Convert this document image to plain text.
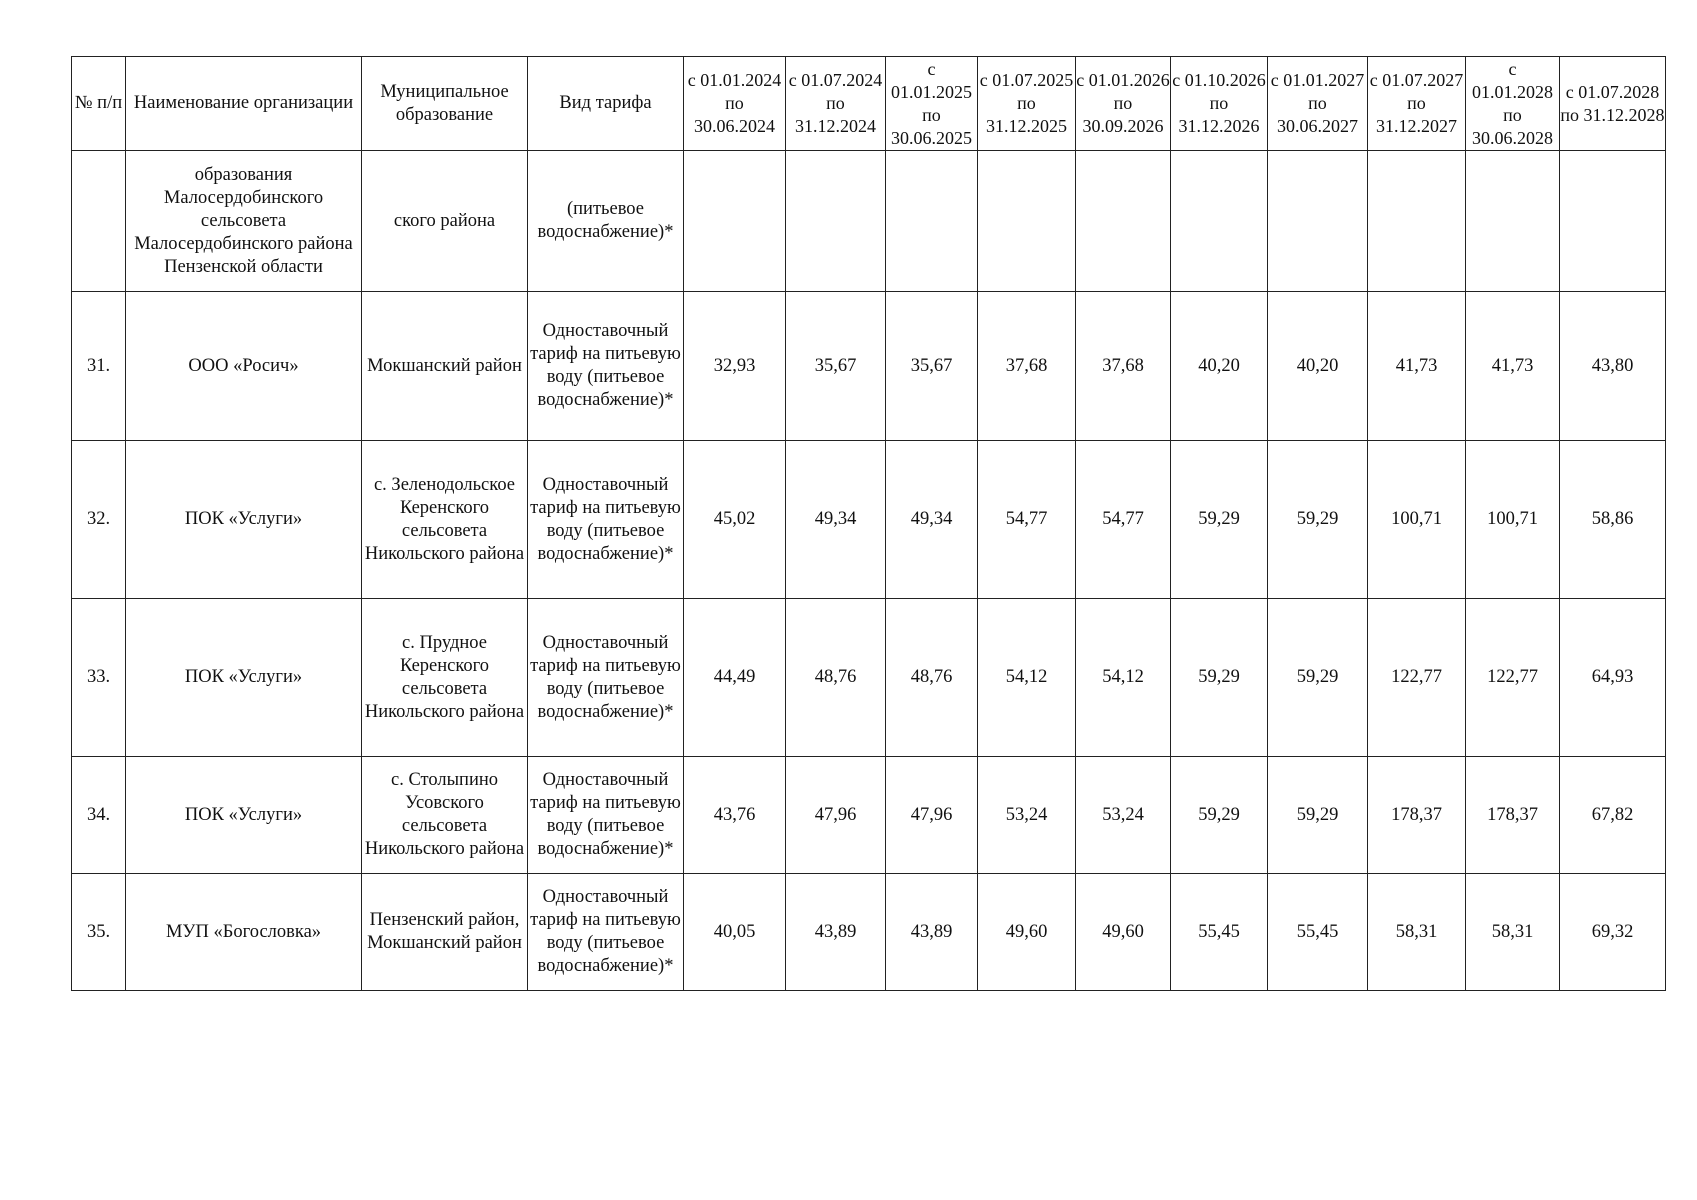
№ п/п	Наименование организации	Муниципальное образование	Вид тарифа	с 01.01.2024 по 30.06.2024	с 01.07.2024 по 31.12.2024	с 01.01.2025 по 30.06.2025	с 01.07.2025 по 31.12.2025	с 01.01.2026 по 30.09.2026	с 01.10.2026 по 31.12.2026	с 01.01.2027 по 30.06.2027	с 01.07.2027 по 31.12.2027	с 01.01.2028 по 30.06.2028	с 01.07.2028 по 31.12.2028
	образования Малосердобинского сельсовета Малосердобинского района Пензенской области	ского района	(питьевое водоснабжение)*										
31.	ООО «Росич»	Мокшанский район	Одноставочный тариф на питьевую воду (питьевое водоснабжение)*	32,93	35,67	35,67	37,68	37,68	40,20	40,20	41,73	41,73	43,80
32.	ПОК «Услуги»	с. Зеленодольское Керенского сельсовета Никольского района	Одноставочный тариф на питьевую воду (питьевое водоснабжение)*	45,02	49,34	49,34	54,77	54,77	59,29	59,29	100,71	100,71	58,86
33.	ПОК «Услуги»	с. Прудное Керенского сельсовета Никольского района	Одноставочный тариф на питьевую воду (питьевое водоснабжение)*	44,49	48,76	48,76	54,12	54,12	59,29	59,29	122,77	122,77	64,93
34.	ПОК «Услуги»	с. Столыпино Усовского сельсовета Никольского района	Одноставочный тариф на питьевую воду (питьевое водоснабжение)*	43,76	47,96	47,96	53,24	53,24	59,29	59,29	178,37	178,37	67,82
35.	МУП «Богословка»	Пензенский район, Мокшанский район	Одноставочный тариф на питьевую воду (питьевое водоснабжение)*	40,05	43,89	43,89	49,60	49,60	55,45	55,45	58,31	58,31	69,32
